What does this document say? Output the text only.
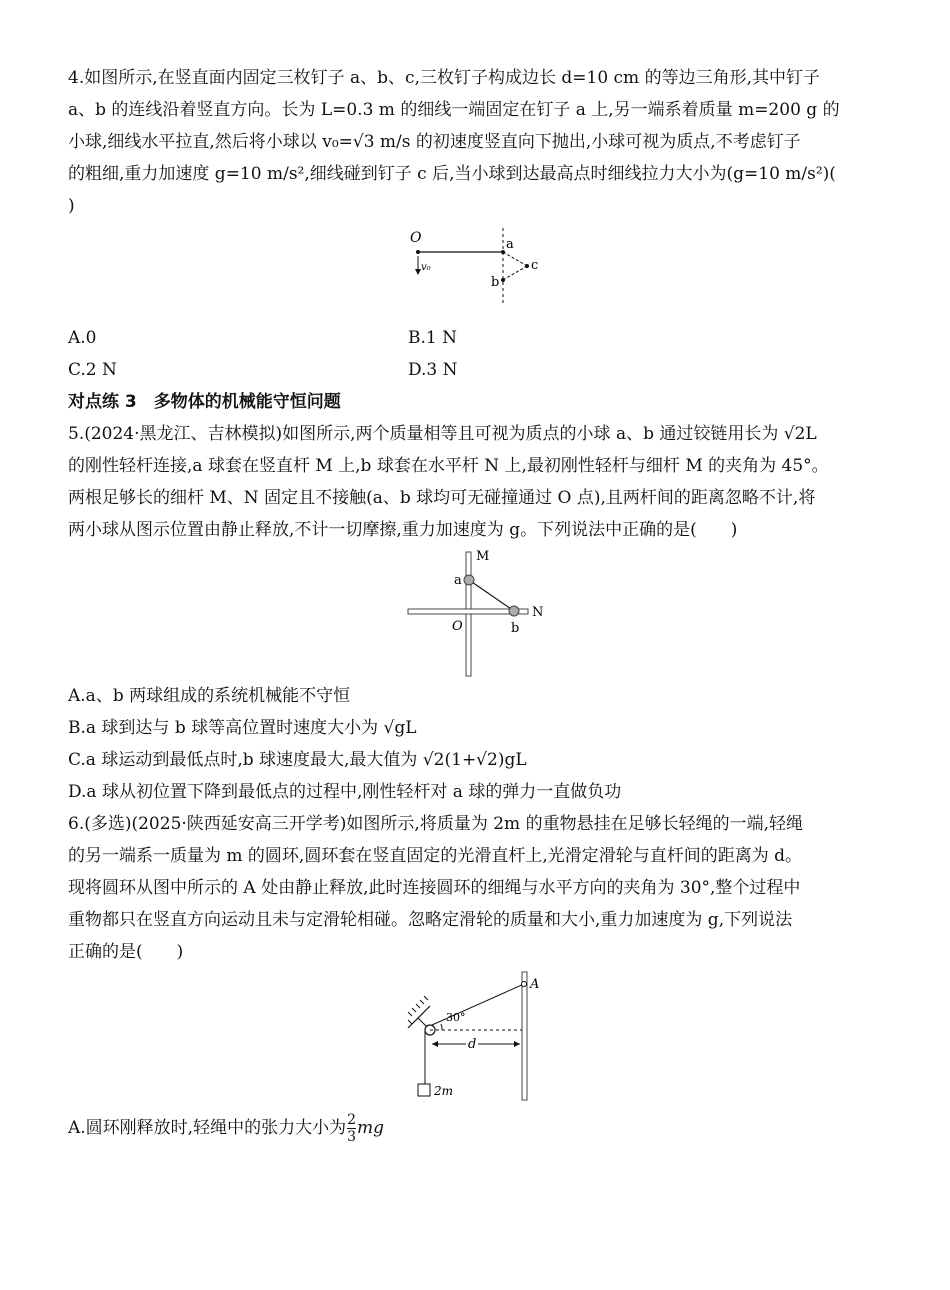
4.如图所示,在竖直面内固定三枚钉子 a、b、c,三枚钉子构成边长 d=10 cm 的等边三角形,其中钉子
a、b 的连线沿着竖直方向。长为 L=0.3 m 的细线一端固定在钉子 a 上,另一端系着质量 m=200 g 的
小球,细线水平拉直,然后将小球以 v₀=√3 m/s 的初速度竖直向下抛出,小球可视为质点,不考虑钉子
的粗细,重力加速度 g=10 m/s²,细线碰到钉子 c 后,当小球到达最高点时细线拉力大小为(g=10 m/s²)(
)
O
v₀
a
b
c
A.0	B.1 N
C.2 N	D.3 N
对点练 3　多物体的机械能守恒问题
5.(2024·黑龙江、吉林模拟)如图所示,两个质量相等且可视为质点的小球 a、b 通过铰链用长为 √2L
的刚性轻杆连接,a 球套在竖直杆 M 上,b 球套在水平杆 N 上,最初刚性轻杆与细杆 M 的夹角为 45°。
两根足够长的细杆 M、N 固定且不接触(a、b 球均可无碰撞通过 O 点),且两杆间的距离忽略不计,将
两小球从图示位置由静止释放,不计一切摩擦,重力加速度为 g。下列说法中正确的是(　　)
M
N
a
b
O
A.a、b 两球组成的系统机械能不守恒
B.a 球到达与 b 球等高位置时速度大小为 √gL
C.a 球运动到最低点时,b 球速度最大,最大值为 √2(1+√2)gL
D.a 球从初位置下降到最低点的过程中,刚性轻杆对 a 球的弹力一直做负功
6.(多选)(2025·陕西延安高三开学考)如图所示,将质量为 2m 的重物悬挂在足够长轻绳的一端,轻绳
的另一端系一质量为 m 的圆环,圆环套在竖直固定的光滑直杆上,光滑定滑轮与直杆间的距离为 d。
现将圆环从图中所示的 A 处由静止释放,此时连接圆环的细绳与水平方向的夹角为 30°,整个过程中
重物都只在竖直方向运动且未与定滑轮相碰。忽略定滑轮的质量和大小,重力加速度为 g,下列说法
正确的是(　　)
2m
A
30°
d
A.圆环刚释放时,轻绳中的张力大小为 $\frac{2}{3}$ mg
